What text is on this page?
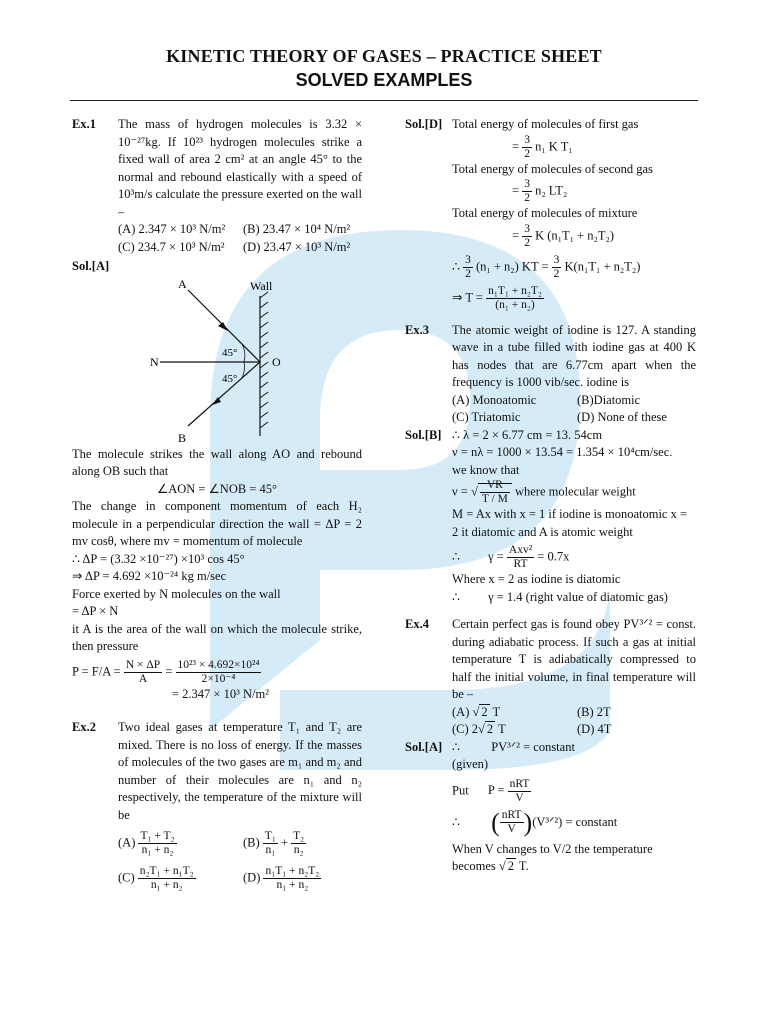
KINETIC THEORY OF GASES – PRACTICE SHEET
SOLVED EXAMPLES
Ex.1 The mass of hydrogen molecules is 3.32 × 10⁻²⁷kg. If 10²³ hydrogen molecules strike a fixed wall of area 2 cm² at an angle 45° to the normal and rebound elastically with a speed of 10³m/s calculate the pressure exerted on the wall –
(A) 2.347 × 10³ N/m²	(B) 23.47 × 10⁴ N/m²
(C) 234.7 × 10³ N/m²	(D) 23.47 × 10³ N/m²
Sol.[A]
A
B
N	O
Wall
45°
45°
The molecule strikes the wall along AO and rebound along OB such that
∠AON = ∠NOB = 45°
The change in component momentum of each H₂ molecule in a perpendicular direction the wall = ΔP = 2 mv cosθ, where mv = momentum of molecule
∴ ΔP = (3.32 ×10⁻²⁷) ×10³ cos 45°
⇒ ΔP = 4.692 ×10⁻²⁴ kg m/sec
Force exerted by N molecules on the wall
= ΔP × N
it A is the area of the wall on which the molecule strike, then pressure
$P = F/A = \frac{N \times \Delta P}{A} = \frac{\text{10²³ × 4.692×10²⁴}}{\text{2×10⁻⁴}}$
= 2.347 × 10³ N/m²
Ex.2 Two ideal gases at temperature T₁ and T₂ are mixed. There is no loss of energy. If the masses of molecules of the two gases are m₁ and m₂ and number of their molecules are n₁ and n₂ respectively, the temperature of the mixture will be
$(A) \frac{\text{T₁ + T₂}}{\text{n₁ + n₂}}$	$(B) \frac{\text{T₁}}{\text{n₁}} + \frac{\text{T₂}}{\text{n₂}}$
$(C) \frac{\text{n₂T₁ + n₁T₂}}{\text{n₁ + n₂}}$	$(D) \frac{\text{n₁T₁ + n₂T₂}}{\text{n₁ + n₂}}$
Sol.[D] Total energy of molecules of first gas
= $\frac{3}{2} n_1$ K T₁
Total energy of molecules of second gas
= $\frac{3}{2} n_2$ LT₂
Total energy of molecules of mixture
= $\frac{3}{2}$ K (n₁T₁ + n₂T₂)
∴ $\frac{3}{2} (n_1 + n_2)$ KT = $\frac{3}{2} K(n_1T_1 + n_2T_2)$
⇒ $T = \frac{\text{n₁T₁ + n₂T₂}}{\text{(n₁ + n₂)}}$
Ex.3 The atomic weight of iodine is 127. A standing wave in a tube filled with iodine gas at 400 K has nodes that are 6.77cm apart when the frequency is 1000 vib/sec. iodine is
(A) Monoatomic	(B)Diatomic
(C) Triatomic	(D) None of these
Sol.[B] ∴ λ = 2 × 6.77 cm = 13. 54cm
ν = nλ = 1000 × 13.54 = 1.354 × 10⁴cm/sec.
we know that
ν = √ $\frac{VR}{T / M}$ where molecular weight
M = Ax with x = 1 if iodine is monoatomic x = 2 it diatomic and A is atomic weight
∴         $\gamma = \frac{\text{Axv²}}{RT} = 0.7x$
Where x = 2 as iodine is diatomic
∴         γ = 1.4 (right value of diatomic gas)
Ex.4 Certain perfect gas is found obey PV³ᐟ² = const. during adiabatic process. If such a gas at initial temperature T is adiabatically compressed to half the initial volume, in final temperature will be –
(A) √ 2 T	(B) 2T
(C) 2√ 2 T	(D) 4T
Sol.[A] ∴          PV³ᐟ² = constant
(given)
Put $P = \frac{\text{nRT}}{V}$
∴ ( $\frac{\text{nRT}}{V}$ )(V³ᐟ²) = constant
When V changes to V/2 the temperature
becomes √ 2 T.
